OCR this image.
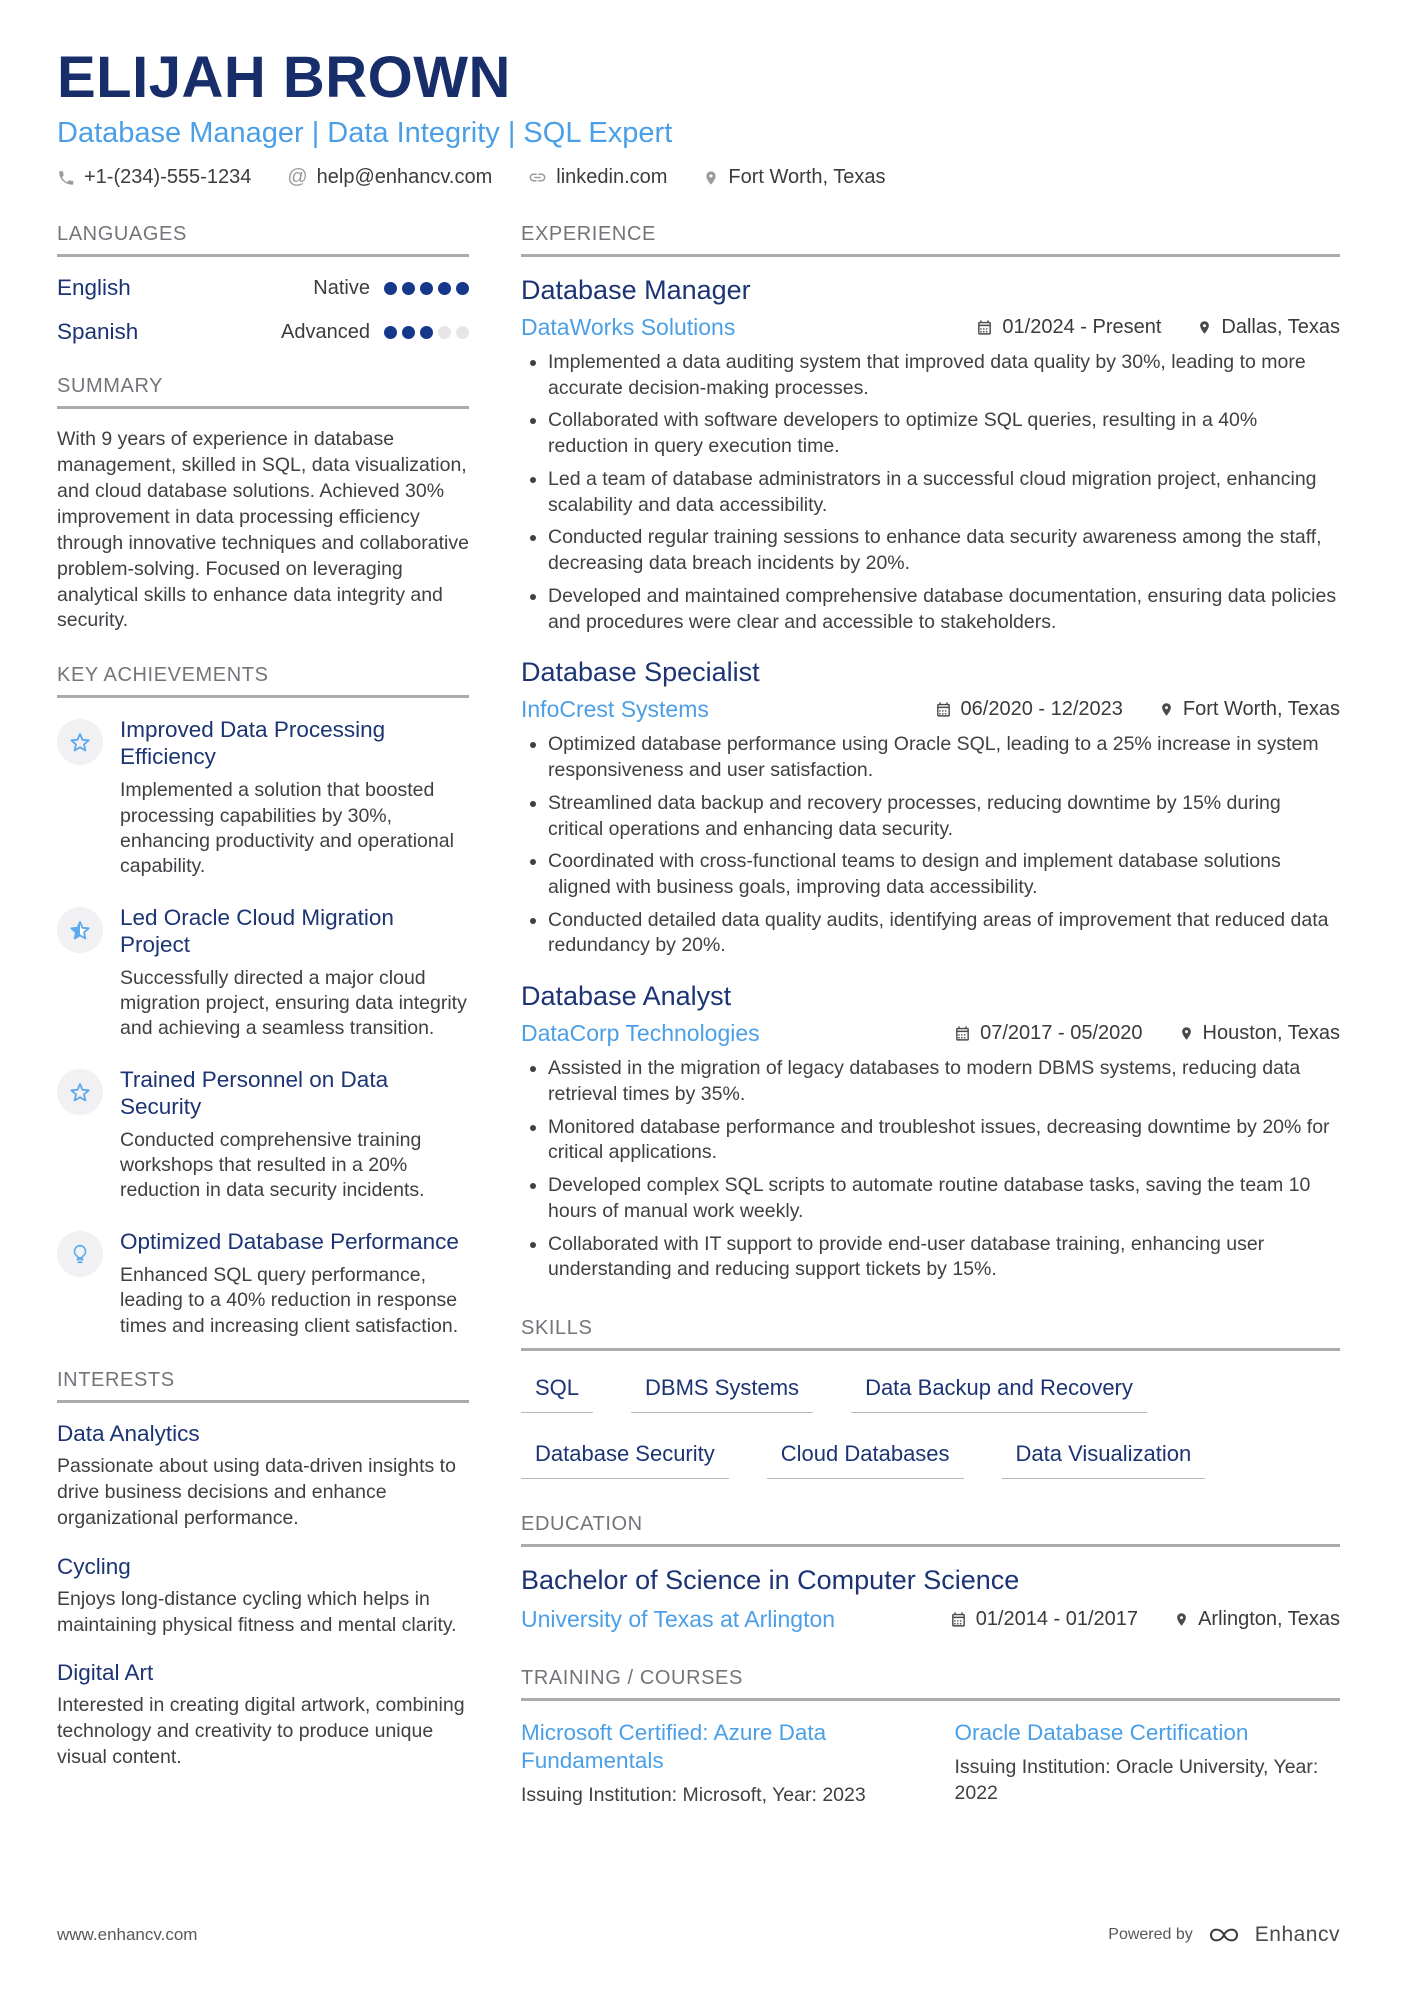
ELIJAH BROWN
Database Manager | Data Integrity | SQL Expert
+1-(234)-555-1234 @ help@enhancv.com	linkedin.com	Fort Worth, Texas
LANGUAGES
English	Native
Spanish	Advanced
SUMMARY

With 9 years of experience in database management, skilled in SQL, data visualization, and cloud database solutions. Achieved 30% improvement in data processing efficiency through innovative techniques and collaborative problem-solving. Focused on leveraging analytical skills to enhance data integrity and security.

KEY ACHIEVEMENTS
Improved Data Processing Efficiency
Implemented a solution that boosted processing capabilities by 30%, enhancing productivity and operational capability.
Led Oracle Cloud Migration Project
Successfully directed a major cloud migration project, ensuring data integrity and achieving a seamless transition.
Trained Personnel on Data Security
Conducted comprehensive training workshops that resulted in a 20% reduction in data security incidents.
Optimized Database Performance
Enhanced SQL query performance, leading to a 40% reduction in response times and increasing client satisfaction.
INTERESTS
Data Analytics
Passionate about using data-driven insights to drive business decisions and enhance organizational performance.
Cycling
Enjoys long-distance cycling which helps in maintaining physical fitness and mental clarity.
Digital Art
Interested in creating digital artwork, combining technology and creativity to produce unique visual content.
EXPERIENCE
Database Manager
DataWorks Solutions	01/2024 - Present	Dallas, Texas
• Implemented a data auditing system that improved data quality by 30%, leading to more accurate decision-making processes.
• Collaborated with software developers to optimize SQL queries, resulting in a 40% reduction in query execution time.
• Led a team of database administrators in a successful cloud migration project, enhancing scalability and data accessibility.
• Conducted regular training sessions to enhance data security awareness among the staff, decreasing data breach incidents by 20%.
• Developed and maintained comprehensive database documentation, ensuring data policies and procedures were clear and accessible to stakeholders.
Database Specialist
InfoCrest Systems	06/2020 - 12/2023	Fort Worth, Texas
• Optimized database performance using Oracle SQL, leading to a 25% increase in system responsiveness and user satisfaction.
• Streamlined data backup and recovery processes, reducing downtime by 15% during critical operations and enhancing data security.
• Coordinated with cross-functional teams to design and implement database solutions aligned with business goals, improving data accessibility.
• Conducted detailed data quality audits, identifying areas of improvement that reduced data redundancy by 20%.
Database Analyst
DataCorp Technologies	07/2017 - 05/2020	Houston, Texas
• Assisted in the migration of legacy databases to modern DBMS systems, reducing data retrieval times by 35%.
• Monitored database performance and troubleshot issues, decreasing downtime by 20% for critical applications.
• Developed complex SQL scripts to automate routine database tasks, saving the team 10 hours of manual work weekly.
• Collaborated with IT support to provide end-user database training, enhancing user understanding and reducing support tickets by 15%.
SKILLS
SQL	DBMS Systems	Data Backup and Recovery
Database Security	Cloud Databases	Data Visualization
EDUCATION
Bachelor of Science in Computer Science
University of Texas at Arlington	01/2014 - 01/2017	Arlington, Texas
TRAINING / COURSES
Microsoft Certified: Azure Data Fundamentals
Issuing Institution: Microsoft, Year: 2023
Oracle Database Certification
Issuing Institution: Oracle University, Year: 2022
www.enhancv.com	Powered by	Enhancv
